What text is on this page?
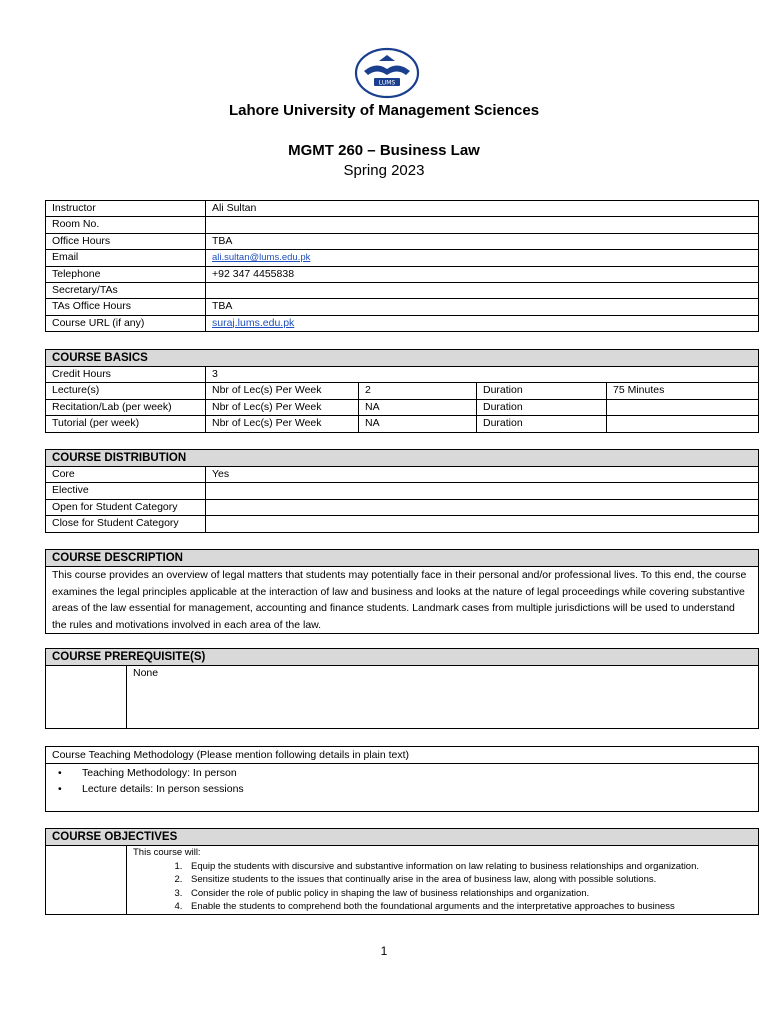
LUMS
Lahore University of Management Sciences
MGMT 260 – Business Law
Spring 2023
Instructor	Ali Sultan
Room No.	
Office Hours	TBA
Email	ali.sultan@lums.edu.pk
Telephone	+92 347 4455838
Secretary/TAs	
TAs Office Hours	TBA
Course URL (if any)	suraj.lums.edu.pk
COURSE BASICS				
Credit Hours	3			
Lecture(s)	Nbr of Lec(s) Per Week	2	Duration	75 Minutes
Recitation/Lab (per week)	Nbr of Lec(s) Per Week	NA	Duration	
Tutorial (per week)	Nbr of Lec(s) Per Week	NA	Duration	
COURSE DISTRIBUTION	
Core	Yes
Elective	
Open for Student Category	
Close for Student Category	
COURSE DESCRIPTION
This course provides an overview of legal matters that students may potentially face in their personal and/or professional lives. To this end, the course examines the legal principles applicable at the interaction of law and business and looks at the nature of legal proceedings while covering substantive areas of the law essential for management, accounting and finance students. Landmark cases from multiple jurisdictions will be used to understand the rules and motivations involved in each area of the law.
COURSE PREREQUISITE(S)
	None
Course Teaching Methodology (Please mention following details in plain text)

• Teaching Methodology: In person
• Lecture details: In person sessions
COURSE OBJECTIVES

This course will:
1. Equip the students with discursive and substantive information on law relating to business relationships and organization.
2. Sensitize students to the issues that continually arise in the area of business law, along with possible solutions.
3. Consider the role of public policy in shaping the law of business relationships and organization.
4. Enable the students to comprehend both the foundational arguments and the interpretative approaches to business
1
